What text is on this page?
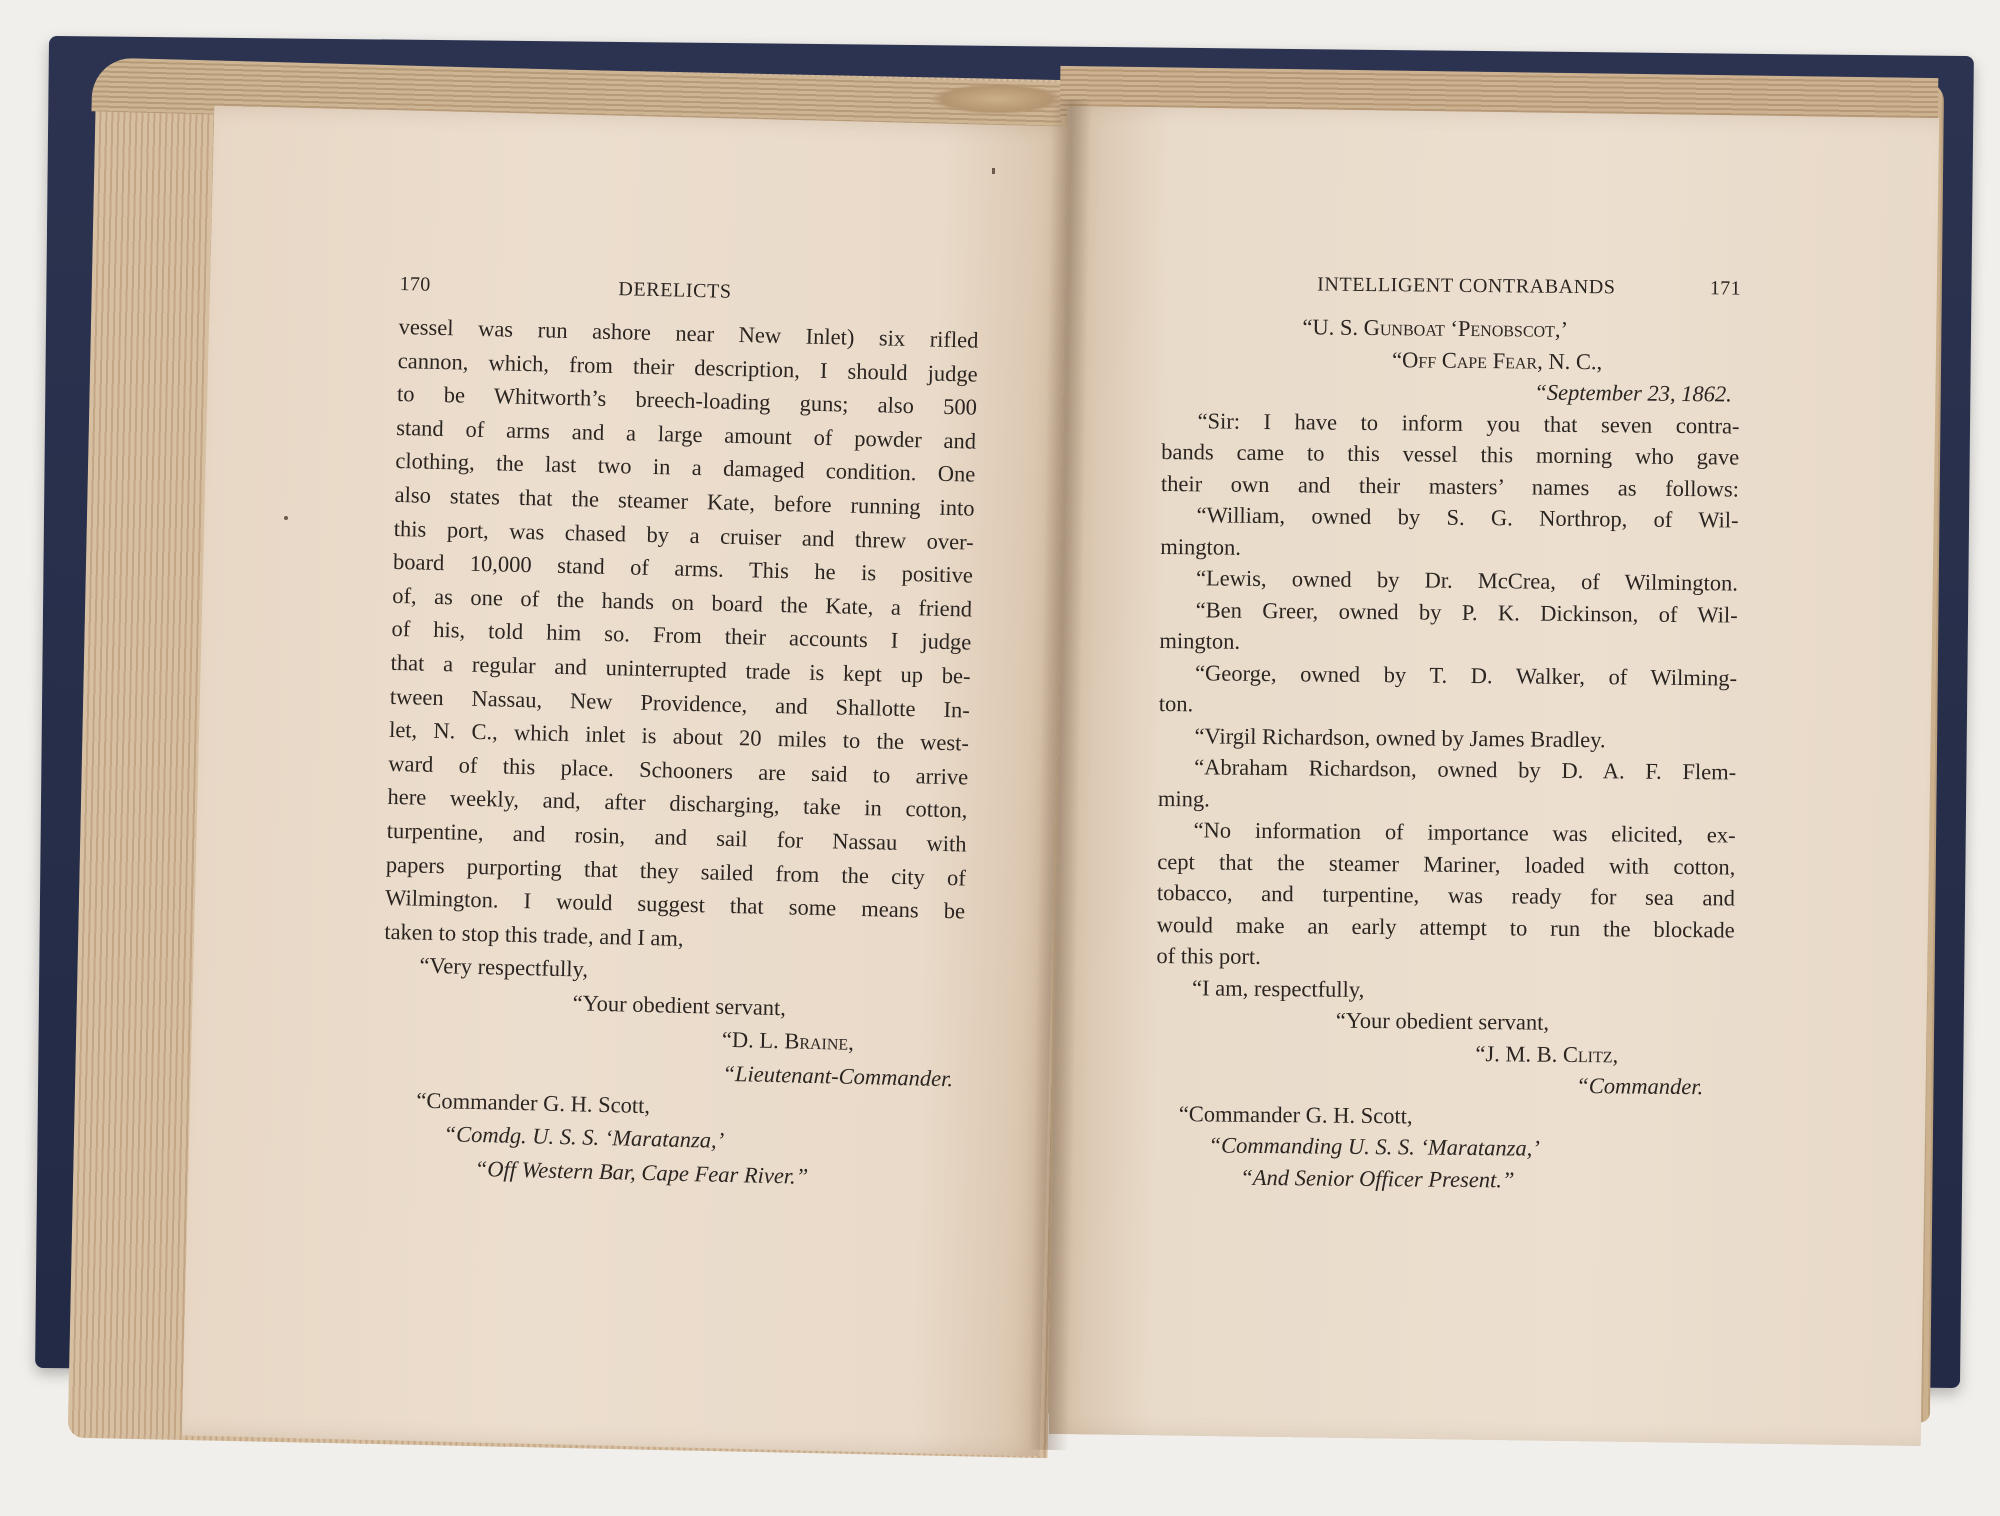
170	DERELICTS
vessel was run ashore near New Inlet) six rifled
cannon, which, from their description, I should judge
to be Whitworth’s breech-loading guns; also 500
stand of arms and a large amount of powder and
clothing, the last two in a damaged condition. One
also states that the steamer Kate, before running into
this port, was chased by a cruiser and threw over-
board 10,000 stand of arms. This he is positive
of, as one of the hands on board the Kate, a friend
of his, told him so. From their accounts I judge
that a regular and uninterrupted trade is kept up be-
tween Nassau, New Providence, and Shallotte In-
let, N. C., which inlet is about 20 miles to the west-
ward of this place. Schooners are said to arrive
here weekly, and, after discharging, take in cotton,
turpentine, and rosin, and sail for Nassau with
papers purporting that they sailed from the city of
Wilmington. I would suggest that some means be
taken to stop this trade, and I am,
“Very respectfully,
“Your obedient servant,
“D. L. Braine,
“Lieutenant-Commander.
“Commander G. H. Scott,
“Comdg. U. S. S. ‘Maratanza,’
“Off Western Bar, Cape Fear River.”
INTELLIGENT CONTRABANDS	171
“U. S. Gunboat ‘Penobscot,’
“Off Cape Fear, N. C.,
“September 23, 1862.
“Sir: I have to inform you that seven contra-
bands came to this vessel this morning who gave
their own and their masters’ names as follows:
“William, owned by S. G. Northrop, of Wil-
mington.
“Lewis, owned by Dr. McCrea, of Wilmington.
“Ben Greer, owned by P. K. Dickinson, of Wil-
mington.
“George, owned by T. D. Walker, of Wilming-
ton.
“Virgil Richardson, owned by James Bradley.
“Abraham Richardson, owned by D. A. F. Flem-
ming.
“No information of importance was elicited, ex-
cept that the steamer Mariner, loaded with cotton,
tobacco, and turpentine, was ready for sea and
would make an early attempt to run the blockade
of this port.
“I am, respectfully,
“Your obedient servant,
“J. M. B. Clitz,
“Commander.
“Commander G. H. Scott,
“Commanding U. S. S. ‘Maratanza,’
“And Senior Officer Present.”
